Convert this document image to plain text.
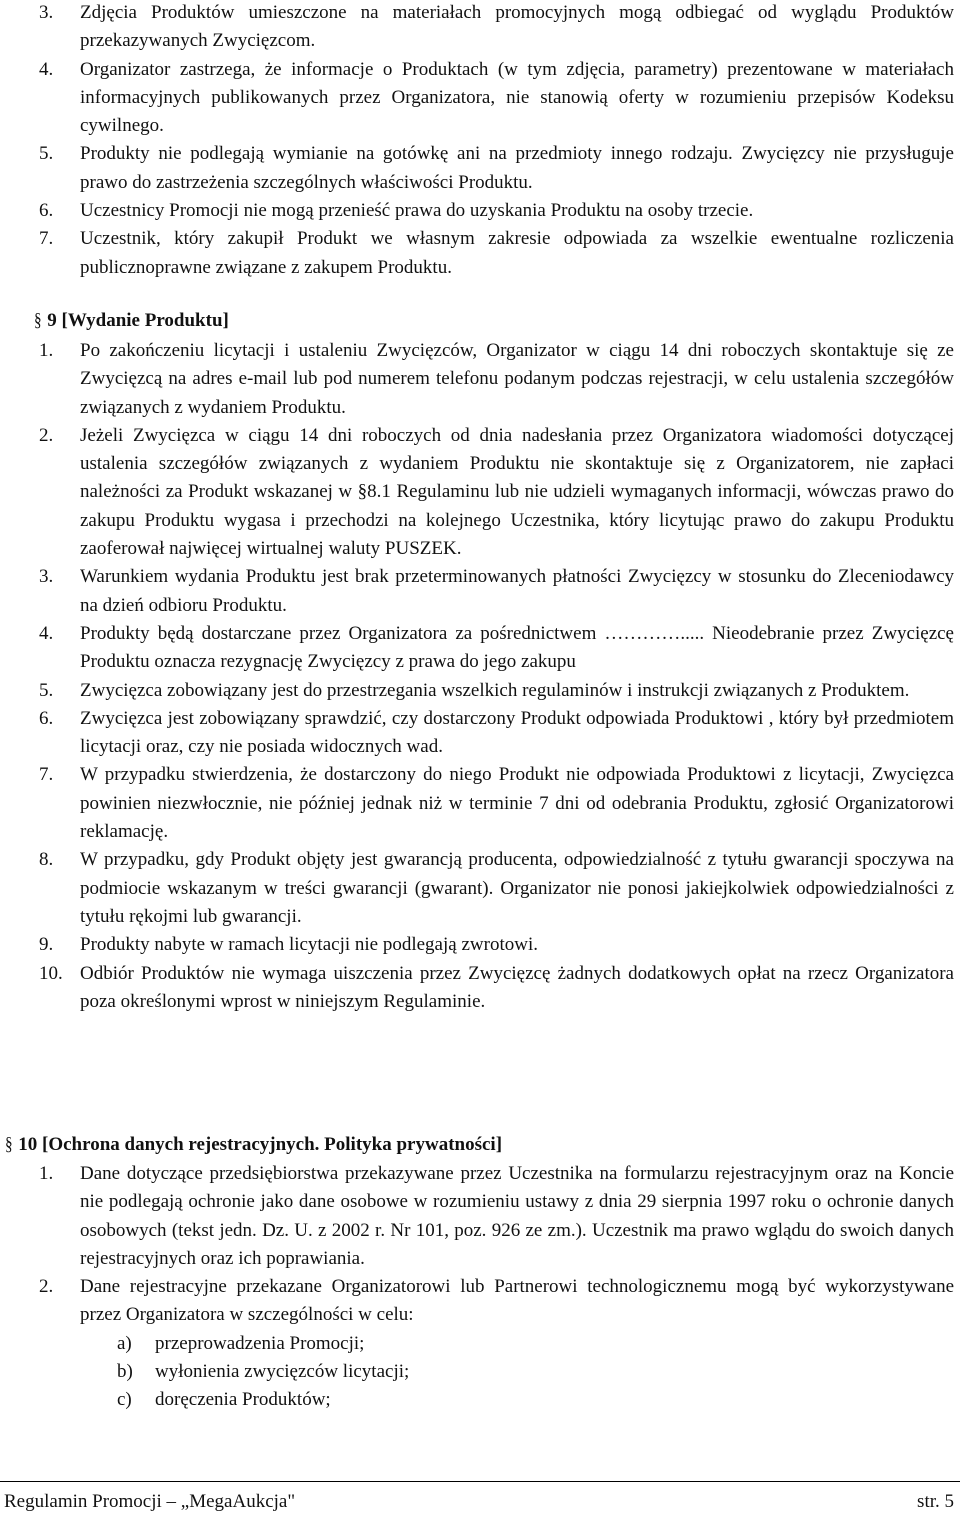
3. Zdjęcia Produktów umieszczone na materiałach promocyjnych mogą odbiegać od wyglądu Produktów przekazywanych Zwycięzcom.
4. Organizator zastrzega, że informacje o Produktach (w tym zdjęcia, parametry) prezentowane w materiałach informacyjnych publikowanych przez Organizatora, nie stanowią oferty w rozumieniu przepisów Kodeksu cywilnego.
5. Produkty nie podlegają wymianie na gotówkę ani na przedmioty innego rodzaju. Zwycięzcy nie przysługuje prawo do zastrzeżenia szczególnych właściwości Produktu.
6. Uczestnicy Promocji nie mogą przenieść prawa do uzyskania Produktu na osoby trzecie.
7. Uczestnik, który zakupił Produkt we własnym zakresie odpowiada za wszelkie ewentualne rozliczenia publicznoprawne związane z zakupem Produktu.
§ 9 [Wydanie Produktu]
1. Po zakończeniu licytacji i ustaleniu Zwycięzców, Organizator w ciągu 14 dni roboczych skontaktuje się ze Zwycięzcą na adres e-mail lub pod numerem telefonu podanym podczas rejestracji, w celu ustalenia szczegółów związanych z wydaniem Produktu.
2. Jeżeli Zwycięzca w ciągu 14 dni roboczych od dnia nadesłania przez Organizatora wiadomości dotyczącej ustalenia szczegółów związanych z wydaniem Produktu nie skontaktuje się z Organizatorem, nie zapłaci należności za Produkt wskazanej w §8.1 Regulaminu lub nie udzieli wymaganych informacji, wówczas prawo do zakupu Produktu wygasa i przechodzi na kolejnego Uczestnika, który licytując prawo do zakupu Produktu zaoferował najwięcej wirtualnej waluty PUSZEK.
3. Warunkiem wydania Produktu jest brak przeterminowanych płatności Zwycięzcy w stosunku do Zleceniodawcy na dzień odbioru Produktu.
4. Produkty będą dostarczane przez Organizatora za pośrednictwem …………..... Nieodebranie przez Zwycięzcę Produktu oznacza rezygnację Zwycięzcy z prawa do jego zakupu
5. Zwycięzca zobowiązany jest do przestrzegania wszelkich regulaminów i instrukcji związanych z Produktem.
6. Zwycięzca jest zobowiązany sprawdzić, czy dostarczony Produkt odpowiada Produktowi , który był przedmiotem licytacji oraz, czy nie posiada widocznych wad.
7. W przypadku stwierdzenia, że dostarczony do niego Produkt nie odpowiada Produktowi z licytacji, Zwycięzca powinien niezwłocznie, nie później jednak niż w terminie 7 dni od odebrania Produktu, zgłosić Organizatorowi reklamację.
8. W przypadku, gdy Produkt objęty jest gwarancją producenta, odpowiedzialność z tytułu gwarancji spoczywa na podmiocie wskazanym w treści gwarancji (gwarant). Organizator nie ponosi jakiejkolwiek odpowiedzialności z tytułu rękojmi lub gwarancji.
9. Produkty nabyte w ramach licytacji nie podlegają zwrotowi.
10. Odbiór Produktów nie wymaga uiszczenia przez Zwycięzcę żadnych dodatkowych opłat na rzecz Organizatora poza określonymi wprost w niniejszym Regulaminie.
§ 10 [Ochrona danych rejestracyjnych. Polityka prywatności]
1. Dane dotyczące przedsiębiorstwa przekazywane przez Uczestnika na formularzu rejestracyjnym oraz na Koncie nie podlegają ochronie jako dane osobowe w rozumieniu ustawy z dnia 29 sierpnia 1997 roku o ochronie danych osobowych (tekst jedn. Dz. U. z 2002 r. Nr 101, poz. 926 ze zm.). Uczestnik ma prawo wglądu do swoich danych rejestracyjnych oraz ich poprawiania.
2. Dane rejestracyjne przekazane Organizatorowi lub Partnerowi technologicznemu mogą być wykorzystywane przez Organizatora w szczególności w celu:
a) przeprowadzenia Promocji;
b) wyłonienia zwycięzców licytacji;
c) doręczenia Produktów;
Regulamin Promocji – „MegaAukcja"	str. 5
